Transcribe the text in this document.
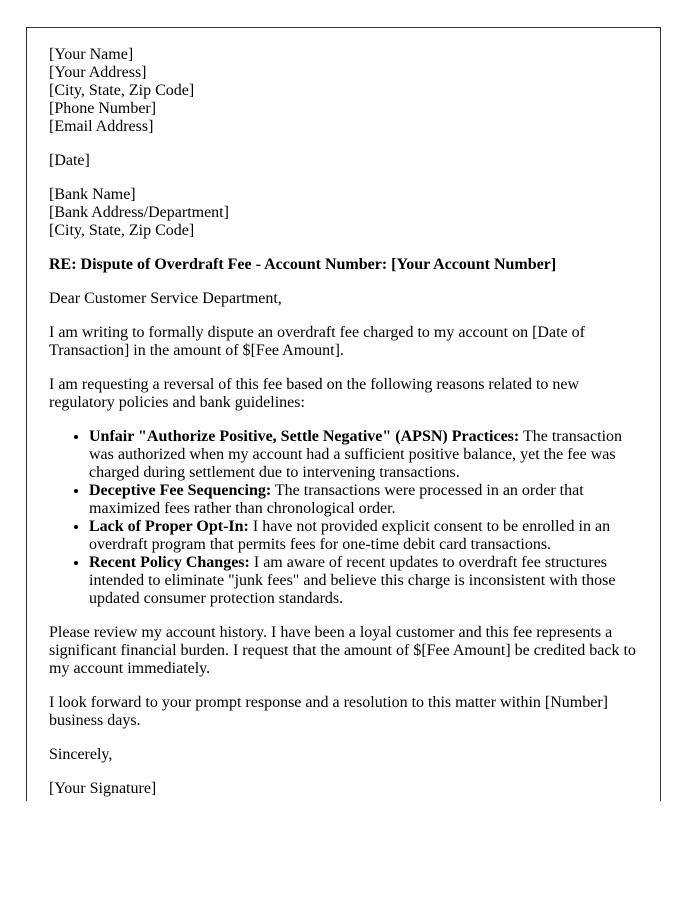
[Your Name]
[Your Address]
[City, State, Zip Code]
[Phone Number]
[Email Address]

[Date]

[Bank Name]
[Bank Address/Department]
[City, State, Zip Code]

RE: Dispute of Overdraft Fee - Account Number: [Your Account Number]

Dear Customer Service Department,

I am writing to formally dispute an overdraft fee charged to my account on [Date of Transaction] in the amount of $[Fee Amount].

I am requesting a reversal of this fee based on the following reasons related to new regulatory policies and bank guidelines:

• Unfair "Authorize Positive, Settle Negative" (APSN) Practices: The transaction was authorized when my account had a sufficient positive balance, yet the fee was charged during settlement due to intervening transactions.
• Deceptive Fee Sequencing: The transactions were processed in an order that maximized fees rather than chronological order.
• Lack of Proper Opt-In: I have not provided explicit consent to be enrolled in an overdraft program that permits fees for one-time debit card transactions.
• Recent Policy Changes: I am aware of recent updates to overdraft fee structures intended to eliminate "junk fees" and believe this charge is inconsistent with those updated consumer protection standards.

Please review my account history. I have been a loyal customer and this fee represents a significant financial burden. I request that the amount of $[Fee Amount] be credited back to my account immediately.

I look forward to your prompt response and a resolution to this matter within [Number] business days.

Sincerely,

[Your Signature]
